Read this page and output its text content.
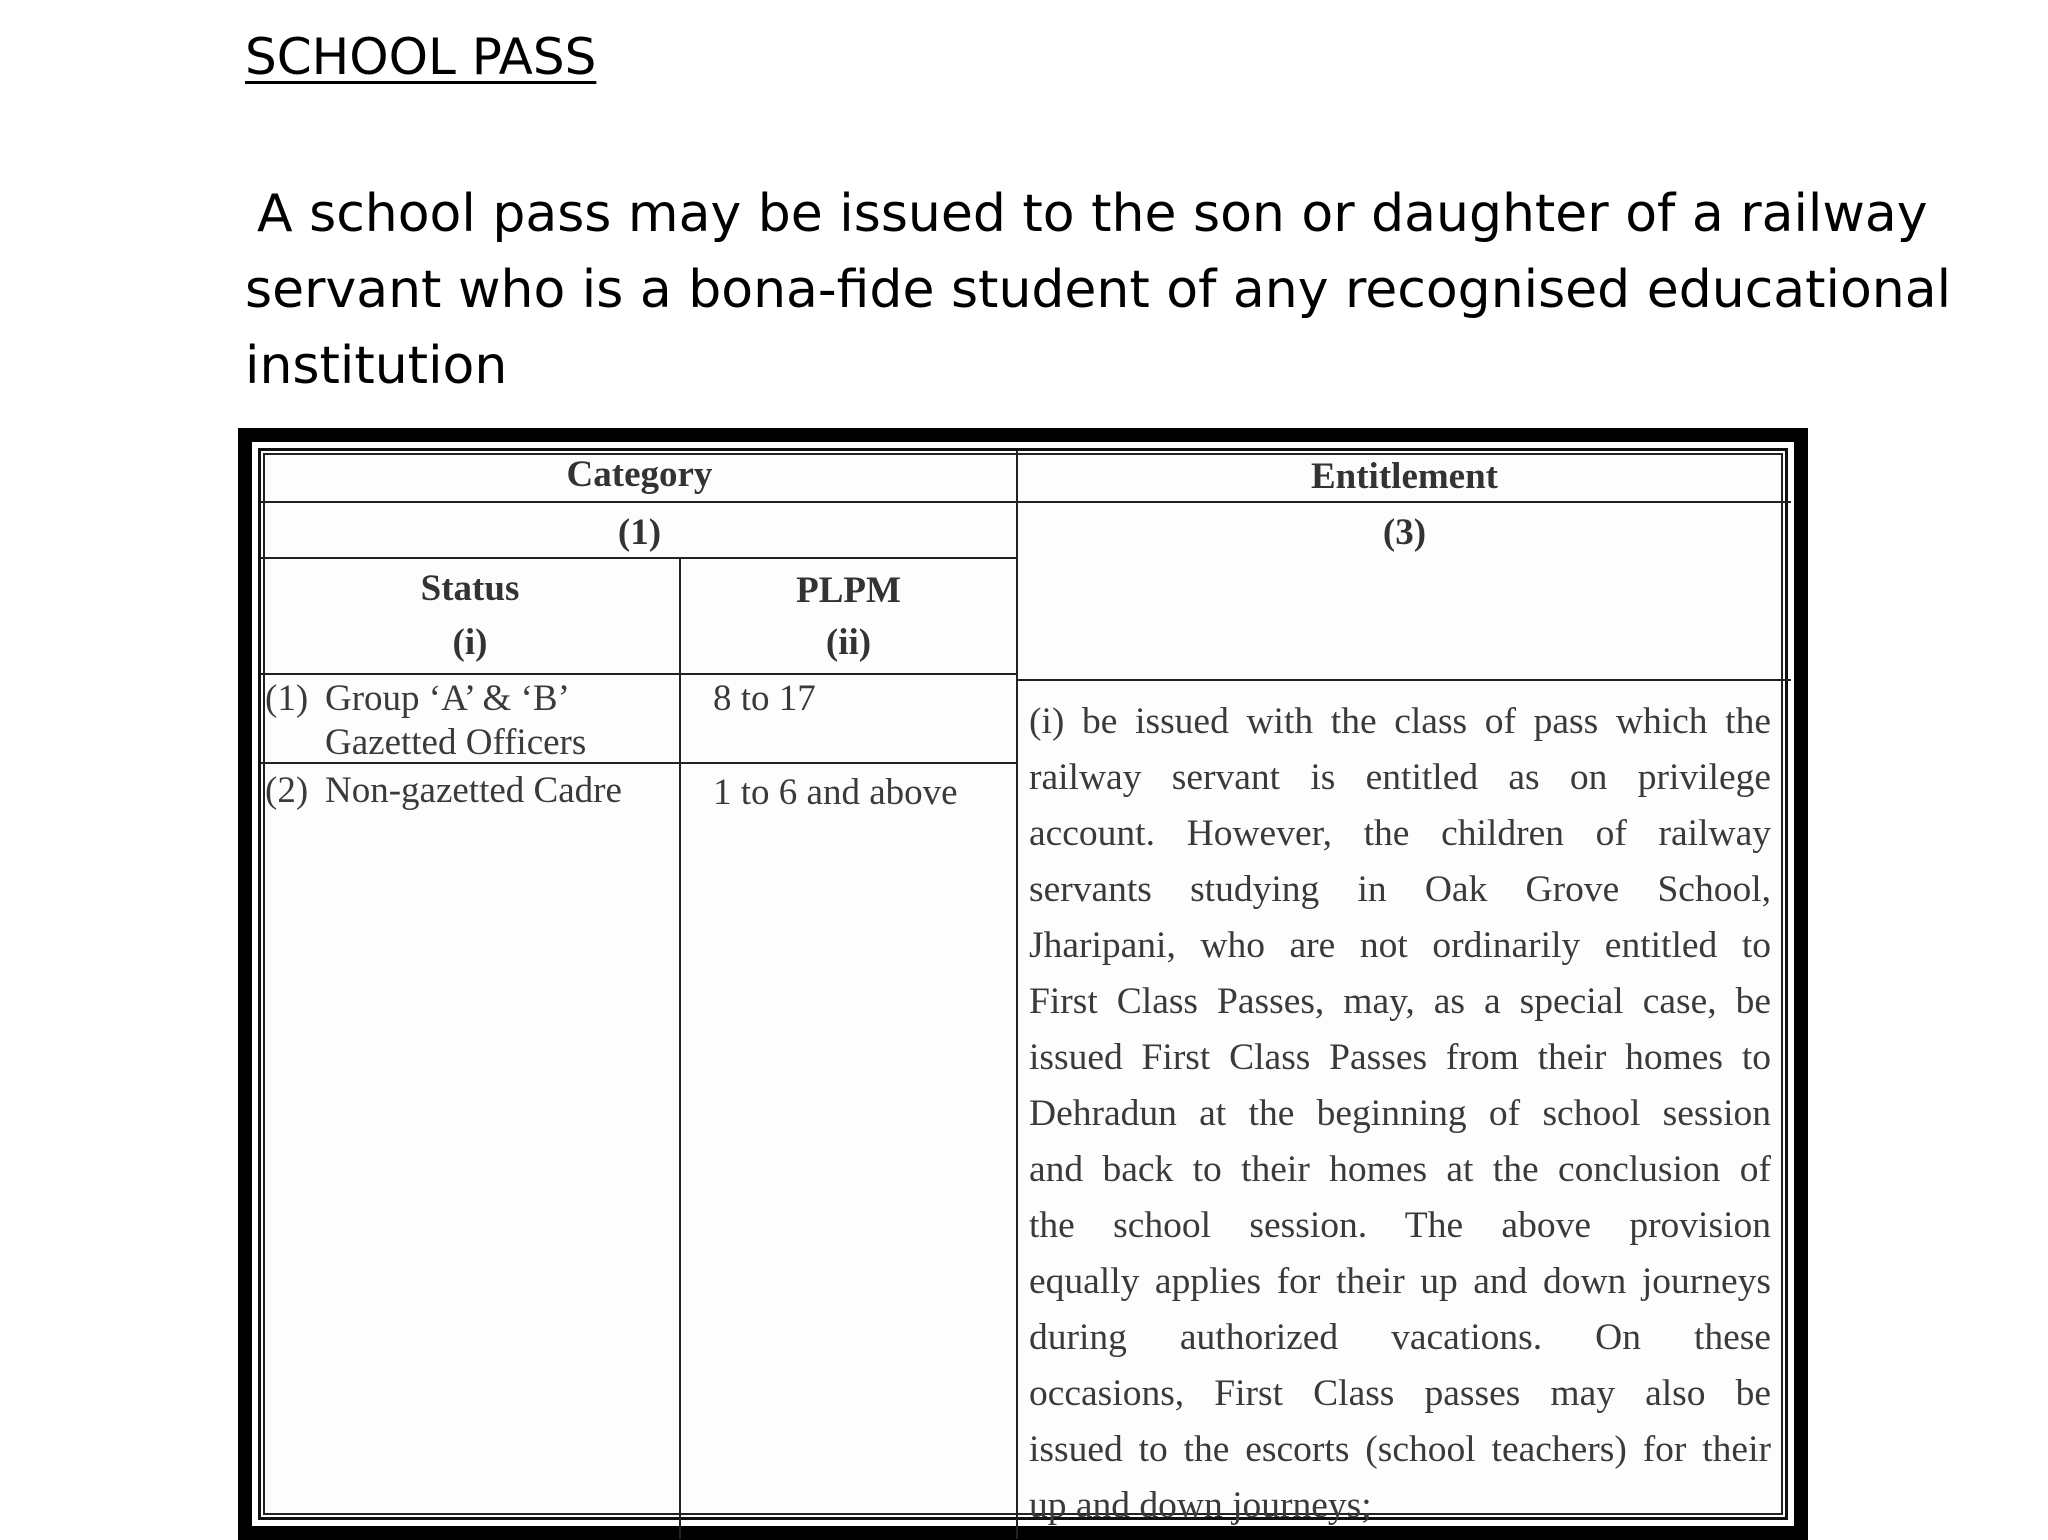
SCHOOL PASS
A school pass may be issued to the son or daughter of a railway
servant who is a bona-fide student of any recognised educational
institution
Category	Entitlement
(1)	(3)
Status
(i)
PLPM
(ii)
(1) Group ‘A’ & ‘B’
Gazetted Officers
8 to 17
(2) Non-gazetted Cadre 1 to 6 and above
(i) be issued with the class of pass which the
railway servant is entitled as on privilege
account. However, the children of railway
servants studying in Oak Grove School,
Jharipani, who are not ordinarily entitled to
First Class Passes, may, as a special case, be
issued First Class Passes from their homes to
Dehradun at the beginning of school session
and back to their homes at the conclusion of
the school session. The above provision
equally applies for their up and down journeys
during authorized vacations. On these
occasions, First Class passes may also be
issued to the escorts (school teachers) for their
up and down journeys;
